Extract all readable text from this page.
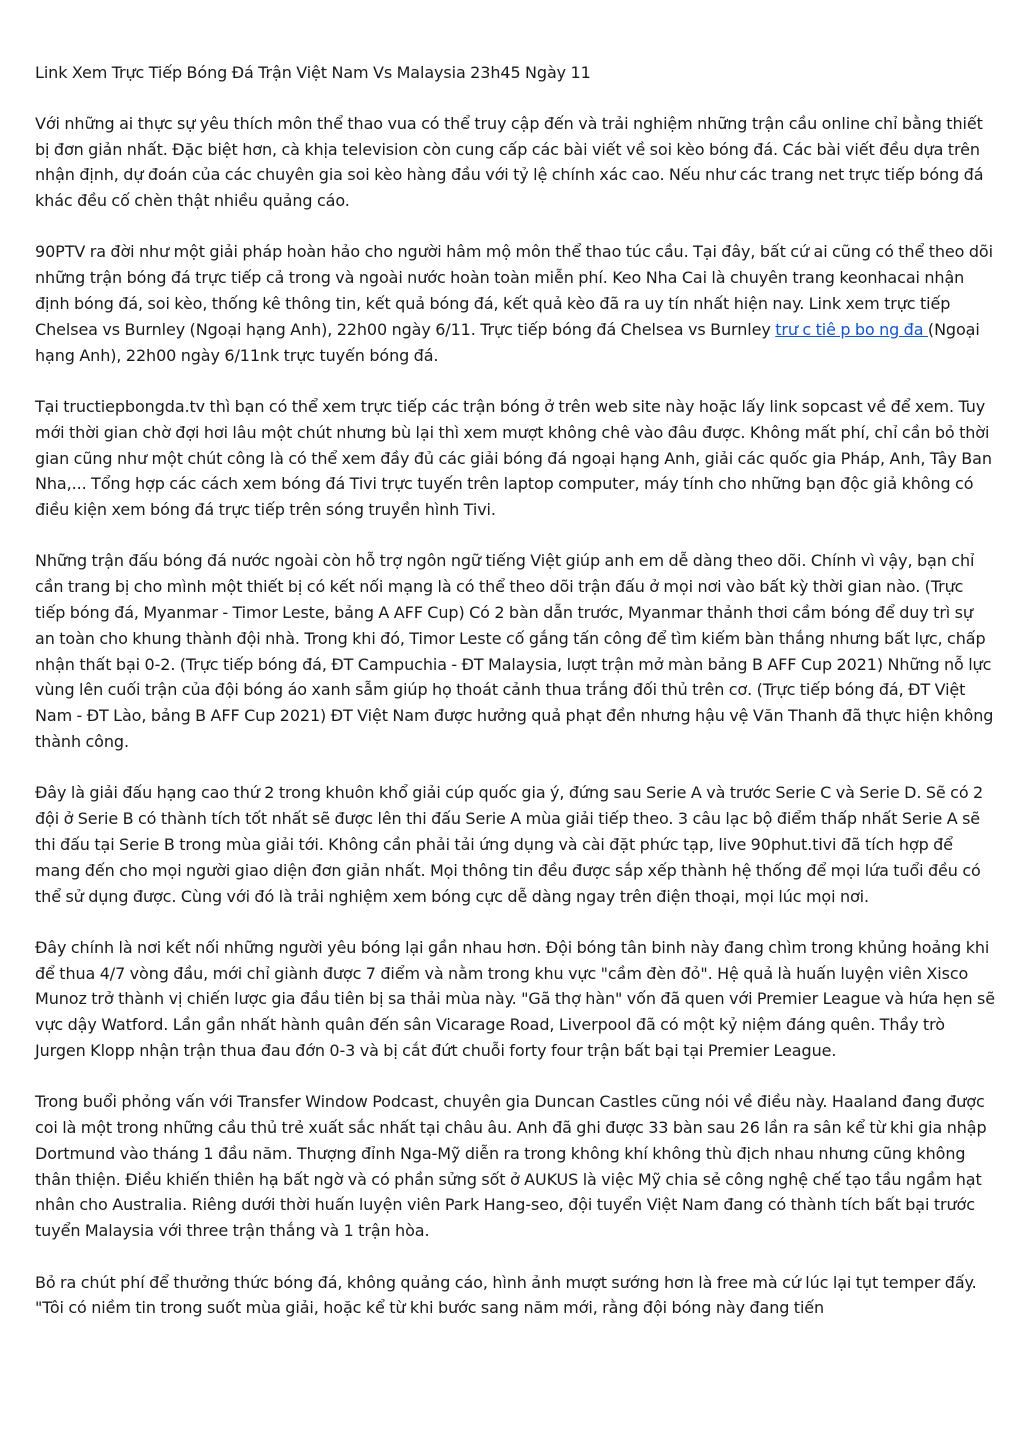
Link Xem Trực Tiếp Bóng Đá Trận Việt Nam Vs Malaysia 23h45 Ngày 11

Với những ai thực sự yêu thích môn thể thao vua có thể truy cập đến và trải nghiệm những trận cầu online chỉ bằng thiết bị đơn giản nhất. Đặc biệt hơn, cà khịa television còn cung cấp các bài viết về soi kèo bóng đá. Các bài viết đều dựa trên nhận định, dự đoán của các chuyên gia soi kèo hàng đầu với tỷ lệ chính xác cao. Nếu như các trang net trực tiếp bóng đá khác đều cố chèn thật nhiều quảng cáo.

90PTV ra đời như một giải pháp hoàn hảo cho người hâm mộ môn thể thao túc cầu. Tại đây, bất cứ ai cũng có thể theo dõi những trận bóng đá trực tiếp cả trong và ngoài nước hoàn toàn miễn phí. Keo Nha Cai là chuyên trang keonhacai nhận định bóng đá, soi kèo, thống kê thông tin, kết quả bóng đá, kết quả kèo đã ra uy tín nhất hiện nay. Link xem trực tiếp Chelsea vs Burnley (Ngoại hạng Anh), 22h00 ngày 6/11. Trực tiếp bóng đá Chelsea vs Burnley trư c tiê p bo ng đa (Ngoại hạng Anh), 22h00 ngày 6/11nk trực tuyến bóng đá.

Tại tructiepbongda.tv thì bạn có thể xem trực tiếp các trận bóng ở trên web site này hoặc lấy link sopcast về để xem. Tuy mới thời gian chờ đợi hơi lâu một chút nhưng bù lại thì xem mượt không chê vào đâu được. Không mất phí, chỉ cần bỏ thời gian cũng như một chút công là có thể xem đầy đủ các giải bóng đá ngoại hạng Anh, giải các quốc gia Pháp, Anh, Tây Ban Nha,... Tổng hợp các cách xem bóng đá Tivi trực tuyến trên laptop computer, máy tính cho những bạn độc giả không có điều kiện xem bóng đá trực tiếp trên sóng truyền hình Tivi.

Những trận đấu bóng đá nước ngoài còn hỗ trợ ngôn ngữ tiếng Việt giúp anh em dễ dàng theo dõi. Chính vì vậy, bạn chỉ cần trang bị cho mình một thiết bị có kết nối mạng là có thể theo dõi trận đấu ở mọi nơi vào bất kỳ thời gian nào. (Trực tiếp bóng đá, Myanmar - Timor Leste, bảng A AFF Cup) Có 2 bàn dẫn trước, Myanmar thảnh thơi cầm bóng để duy trì sự an toàn cho khung thành đội nhà. Trong khi đó, Timor Leste cố gắng tấn công để tìm kiếm bàn thắng nhưng bất lực, chấp nhận thất bại 0-2. (Trực tiếp bóng đá, ĐT Campuchia - ĐT Malaysia, lượt trận mở màn bảng B AFF Cup 2021) Những nỗ lực vùng lên cuối trận của đội bóng áo xanh sẫm giúp họ thoát cảnh thua trắng đối thủ trên cơ. (Trực tiếp bóng đá, ĐT Việt Nam - ĐT Lào, bảng B AFF Cup 2021) ĐT Việt Nam được hưởng quả phạt đền nhưng hậu vệ Văn Thanh đã thực hiện không thành công.

Đây là giải đấu hạng cao thứ 2 trong khuôn khổ giải cúp quốc gia ý, đứng sau Serie A và trước Serie C và Serie D. Sẽ có 2 đội ở Serie B có thành tích tốt nhất sẽ được lên thi đấu Serie A mùa giải tiếp theo. 3 câu lạc bộ điểm thấp nhất Serie A sẽ thi đấu tại Serie B trong mùa giải tới. Không cần phải tải ứng dụng và cài đặt phức tạp, live 90phut.tivi đã tích hợp để mang đến cho mọi người giao diện đơn giản nhất. Mọi thông tin đều được sắp xếp thành hệ thống để mọi lứa tuổi đều có thể sử dụng được. Cùng với đó là trải nghiệm xem bóng cực dễ dàng ngay trên điện thoại, mọi lúc mọi nơi.

Đây chính là nơi kết nối những người yêu bóng lại gần nhau hơn. Đội bóng tân binh này đang chìm trong khủng hoảng khi để thua 4/7 vòng đầu, mới chỉ giành được 7 điểm và nằm trong khu vực "cầm đèn đỏ". Hệ quả là huấn luyện viên Xisco Munoz trở thành vị chiến lược gia đầu tiên bị sa thải mùa này. "Gã thợ hàn" vốn đã quen với Premier League và hứa hẹn sẽ vực dậy Watford. Lần gần nhất hành quân đến sân Vicarage Road, Liverpool đã có một kỷ niệm đáng quên. Thầy trò Jurgen Klopp nhận trận thua đau đớn 0-3 và bị cắt đứt chuỗi forty four trận bất bại tại Premier League.

Trong buổi phỏng vấn với Transfer Window Podcast, chuyên gia Duncan Castles cũng nói về điều này. Haaland đang được coi là một trong những cầu thủ trẻ xuất sắc nhất tại châu âu. Anh đã ghi được 33 bàn sau 26 lần ra sân kể từ khi gia nhập Dortmund vào tháng 1 đầu năm. Thượng đỉnh Nga-Mỹ diễn ra trong không khí không thù địch nhau nhưng cũng không thân thiện. Điều khiến thiên hạ bất ngờ và có phần sửng sốt ở AUKUS là việc Mỹ chia sẻ công nghệ chế tạo tầu ngầm hạt nhân cho Australia. Riêng dưới thời huấn luyện viên Park Hang-seo, đội tuyển Việt Nam đang có thành tích bất bại trước tuyển Malaysia với three trận thắng và 1 trận hòa.

Bỏ ra chút phí để thưởng thức bóng đá, không quảng cáo, hình ảnh mượt sướng hơn là free mà cứ lúc lại tụt temper đấy. "Tôi có niềm tin trong suốt mùa giải, hoặc kể từ khi bước sang năm mới, rằng đội bóng này đang tiến
